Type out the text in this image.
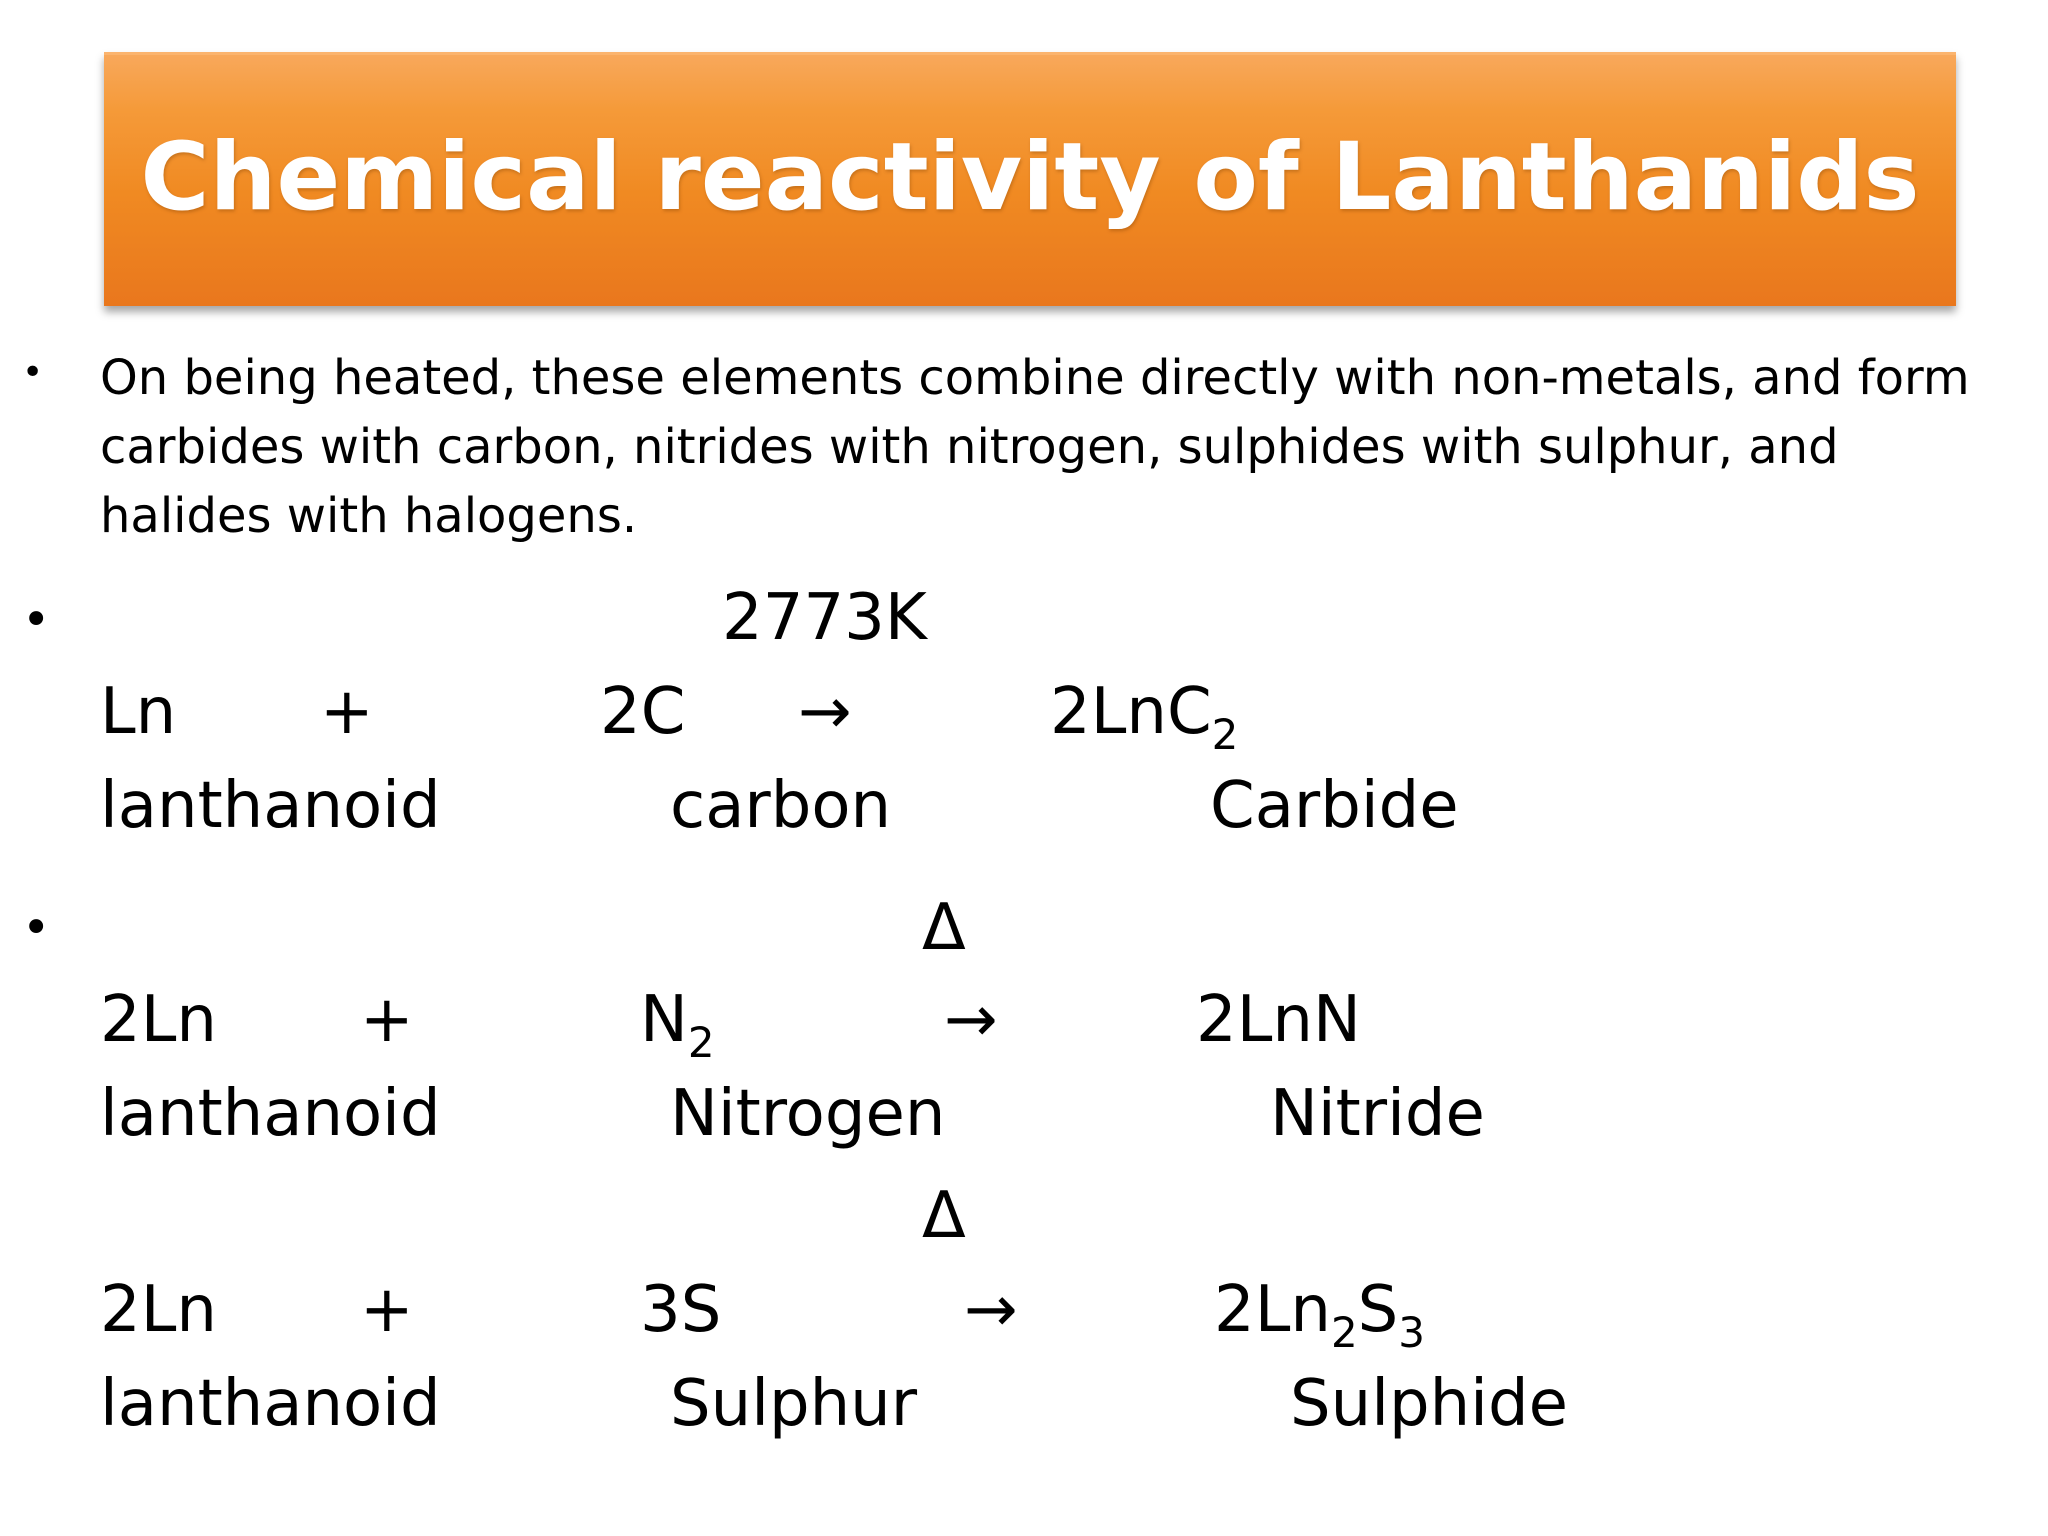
Chemical reactivity of Lanthanids
• On being heated, these elements combine directly with non-metals, and form carbides with carbon, nitrides with nitrogen, sulphides with sulphur, and halides with halogens.
•	2773K
Ln +	2C →	2LnC$_2$
lanthanoid	carbon	Carbide
•	Δ
2Ln +	$N_2$	→	2LnN
lanthanoid	Nitrogen	Nitride
Δ
2Ln +	3S	→	$2Ln_2S_3$
lanthanoid	Sulphur	Sulphide
